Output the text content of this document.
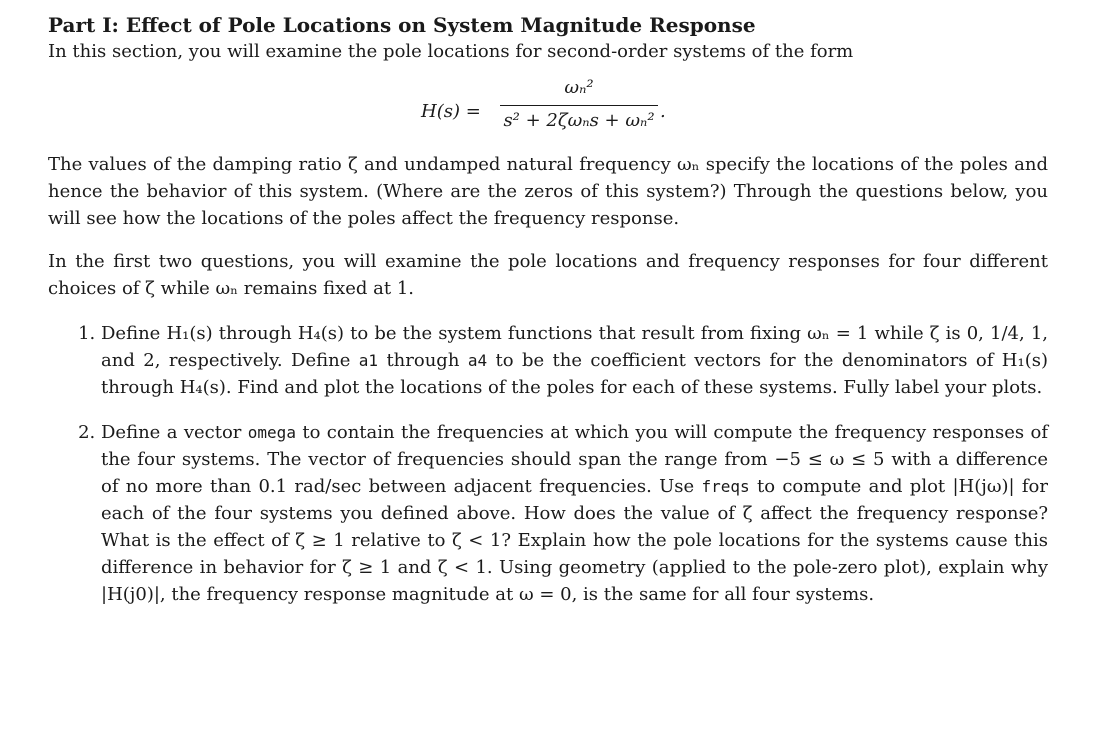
Part I: Effect of Pole Locations on System Magnitude Response

In this section, you will examine the pole locations for second-order systems of the form

H(s) =
ωₙ²
s² + 2ζωₙs + ωₙ² .

The values of the damping ratio ζ and undamped natural frequency ωₙ specify the locations of the poles and hence the behavior of this system. (Where are the zeros of this system?) Through the questions below, you will see how the locations of the poles affect the frequency response.

In the first two questions, you will examine the pole locations and frequency responses for four different choices of ζ while ωₙ remains fixed at 1.

1. Define H₁(s) through H₄(s) to be the system functions that result from fixing ωₙ = 1 while ζ is 0, 1/4, 1, and 2, respectively. Define a1 through a4 to be the coefficient vectors for the denominators of H₁(s) through H₄(s). Find and plot the locations of the poles for each of these systems. Fully label your plots.
2. Define a vector omega to contain the frequencies at which you will compute the frequency responses of the four systems. The vector of frequencies should span the range from −5 ≤ ω ≤ 5 with a difference of no more than 0.1 rad/sec between adjacent frequencies. Use freqs to compute and plot |H(jω)| for each of the four systems you defined above. How does the value of ζ affect the frequency response? What is the effect of ζ ≥ 1 relative to ζ < 1? Explain how the pole locations for the systems cause this difference in behavior for ζ ≥ 1 and ζ < 1. Using geometry (applied to the pole-zero plot), explain why |H(j0)|, the frequency response magnitude at ω = 0, is the same for all four systems.
